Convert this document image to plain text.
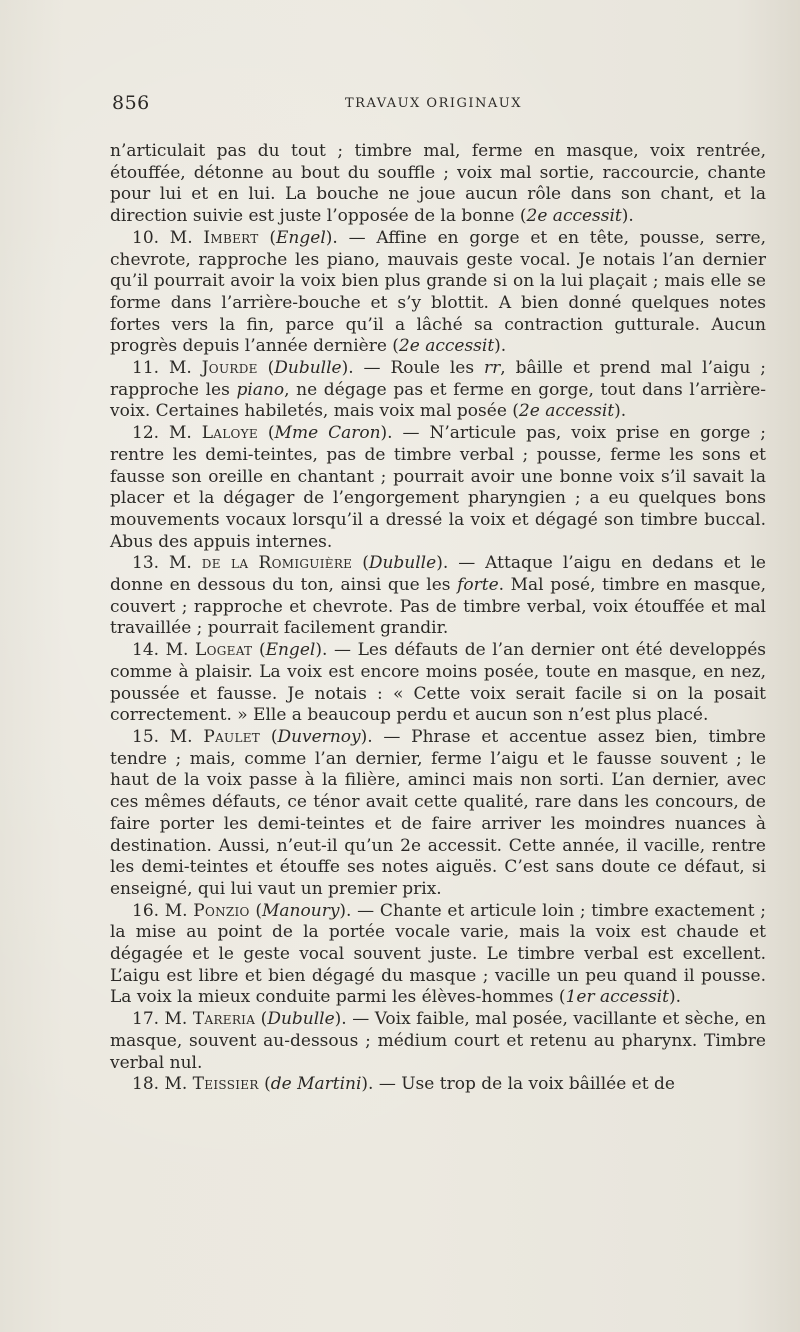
856	TRAVAUX ORIGINAUX

n’articulait pas du tout ; timbre mal, ferme en masque, voix rentrée, étouffée, détonne au bout du souffle ; voix mal sortie, raccourcie, chante pour lui et en lui. La bouche ne joue aucun rôle dans son chant, et la direction suivie est juste l’opposée de la bonne (2e accessit).

10. M. Imbert (Engel). — Affine en gorge et en tête, pousse, serre, chevrote, rapproche les piano, mauvais geste vocal. Je notais l’an dernier qu’il pourrait avoir la voix bien plus grande si on la lui plaçait ; mais elle se forme dans l’arrière-bouche et s’y blottit. A bien donné quelques notes fortes vers la fin, parce qu’il a lâché sa contraction gutturale. Aucun progrès depuis l’année dernière (2e accessit).

11. M. Jourde (Dubulle). — Roule les rr, bâille et prend mal l’aigu ; rapproche les piano, ne dégage pas et ferme en gorge, tout dans l’arrière-voix. Certaines habiletés, mais voix mal posée (2e accessit).

12. M. Laloye (Mme Caron). — N’articule pas, voix prise en gorge ; rentre les demi-teintes, pas de timbre verbal ; pousse, ferme les sons et fausse son oreille en chantant ; pourrait avoir une bonne voix s’il savait la placer et la dégager de l’engorgement pharyngien ; a eu quelques bons mouvements vocaux lorsqu’il a dressé la voix et dégagé son timbre buccal. Abus des appuis internes.

13. M. de la Romiguière (Dubulle). — Attaque l’aigu en dedans et le donne en dessous du ton, ainsi que les forte. Mal posé, timbre en masque, couvert ; rapproche et chevrote. Pas de timbre verbal, voix étouffée et mal travaillée ; pourrait facilement grandir.

14. M. Logeat (Engel). — Les défauts de l’an dernier ont été developpés comme à plaisir. La voix est encore moins posée, toute en masque, en nez, poussée et fausse. Je notais : « Cette voix serait facile si on la posait correctement. » Elle a beaucoup perdu et aucun son n’est plus placé.

15. M. Paulet (Duvernoy). — Phrase et accentue assez bien, timbre tendre ; mais, comme l’an dernier, ferme l’aigu et le fausse souvent ; le haut de la voix passe à la filière, aminci mais non sorti. L’an dernier, avec ces mêmes défauts, ce ténor avait cette qualité, rare dans les concours, de faire porter les demi-teintes et de faire arriver les moindres nuances à destination. Aussi, n’eut-il qu’un 2e accessit. Cette année, il vacille, rentre les demi-teintes et étouffe ses notes aiguës. C’est sans doute ce défaut, si enseigné, qui lui vaut un premier prix.

16. M. Ponzio (Manoury). — Chante et articule loin ; timbre exactement ; la mise au point de la portée vocale varie, mais la voix est chaude et dégagée et le geste vocal souvent juste. Le timbre verbal est excellent. L’aigu est libre et bien dégagé du masque ; vacille un peu quand il pousse. La voix la mieux conduite parmi les élèves-hommes (1er accessit).

17. M. Tareria (Dubulle). — Voix faible, mal posée, vacillante et sèche, en masque, souvent au-dessous ; médium court et retenu au pharynx. Timbre verbal nul.

18. M. Teissier (de Martini). — Use trop de la voix bâillée et de
